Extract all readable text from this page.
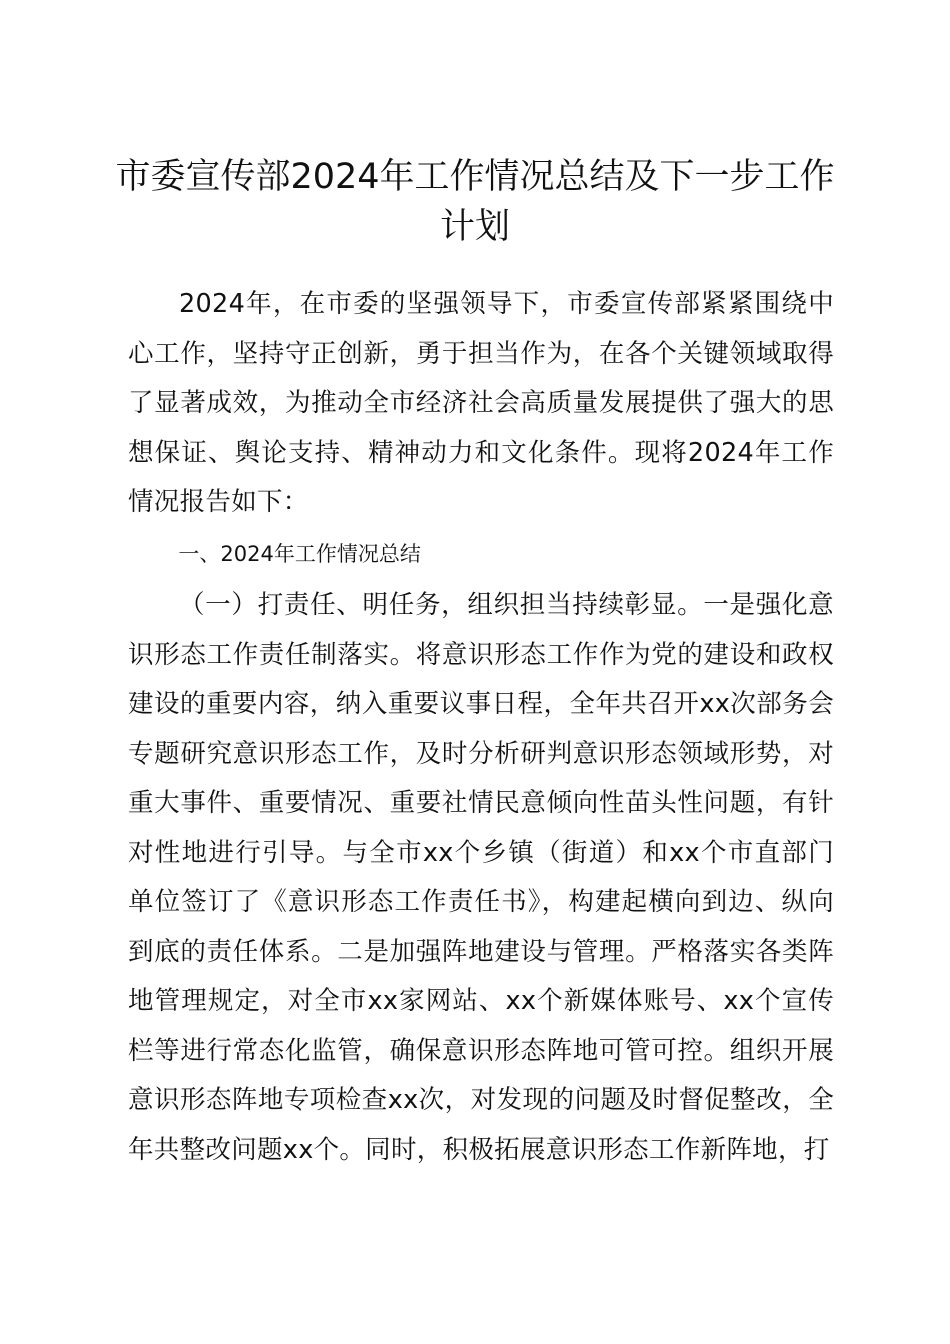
市委宣传部2024年工作情况总结及下一步工作计划

2024年，在市委的坚强领导下，市委宣传部紧紧围绕中心工作，坚持守正创新，勇于担当作为，在各个关键领域取得了显著成效，为推动全市经济社会高质量发展提供了强大的思想保证、舆论支持、精神动力和文化条件。现将2024年工作情况报告如下：

一、2024年工作情况总结

（一）打责任、明任务，组织担当持续彰显。一是强化意识形态工作责任制落实。将意识形态工作作为党的建设和政权建设的重要内容，纳入重要议事日程，全年共召开xx次部务会专题研究意识形态工作，及时分析研判意识形态领域形势，对重大事件、重要情况、重要社情民意倾向性苗头性问题，有针对性地进行引导。与全市xx个乡镇（街道）和xx个市直部门单位签订了《意识形态工作责任书》，构建起横向到边、纵向到底的责任体系。二是加强阵地建设与管理。严格落实各类阵地管理规定，对全市xx家网站、xx个新媒体账号、xx个宣传栏等进行常态化监管，确保意识形态阵地可管可控。组织开展意识形态阵地专项检查xx次，对发现的问题及时督促整改，全年共整改问题xx个。同时，积极拓展意识形态工作新阵地，打
